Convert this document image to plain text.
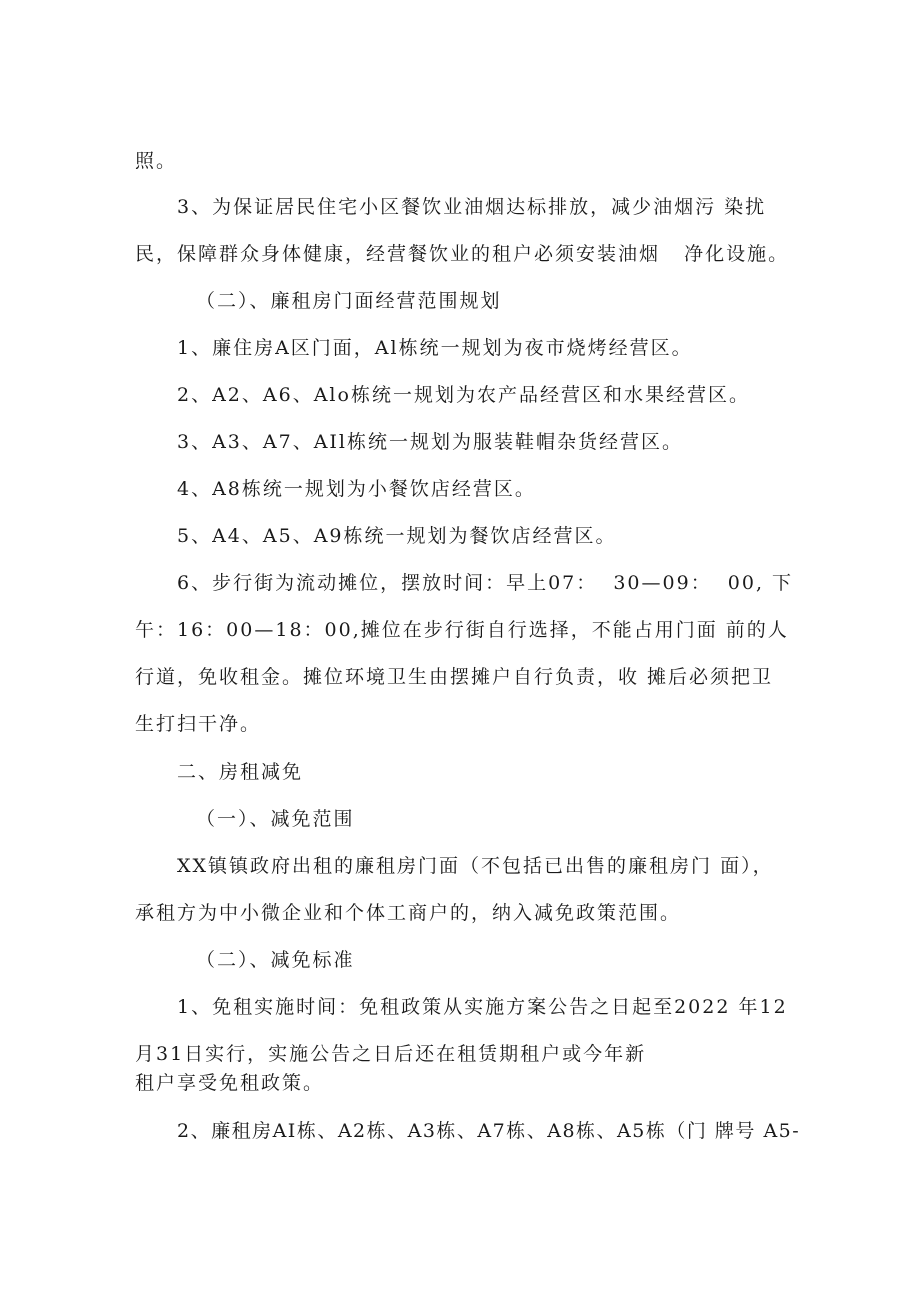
照。
3、为保证居民住宅小区餐饮业油烟达标排放，减少油烟污 染扰
民，保障群众身体健康，经营餐饮业的租户必须安装油烟   净化设施。
（二）、廉租房门面经营范围规划
1、廉住房A区门面，Al栋统一规划为夜市烧烤经营区。
2、A2、A6、Alo栋统一规划为农产品经营区和水果经营区。
3、A3、A7、AIl栋统一规划为服装鞋帽杂货经营区。
4、A8栋统一规划为小餐饮店经营区。
5、A4、A5、A9栋统一规划为餐饮店经营区。
6、步行街为流动摊位，摆放时间：早上07：  30—09：  00, 下
午：16：00—18：00,摊位在步行街自行选择，不能占用门面 前的人
行道，免收租金。摊位环境卫生由摆摊户自行负责，收 摊后必须把卫
生打扫干净。
二、房租减免
（一）、减免范围
XX镇镇政府出租的廉租房门面（不包括已出售的廉租房门 面），
承租方为中小微企业和个体工商户的，纳入减免政策范围。
（二）、减免标准
1、免租实施时间：免租政策从实施方案公告之日起至2022 年12
月31日实行，实施公告之日后还在租赁期租户或今年新
租户享受免租政策。
2、廉租房AI栋、A2栋、A3栋、A7栋、A8栋、A5栋（门 牌号 A5-
